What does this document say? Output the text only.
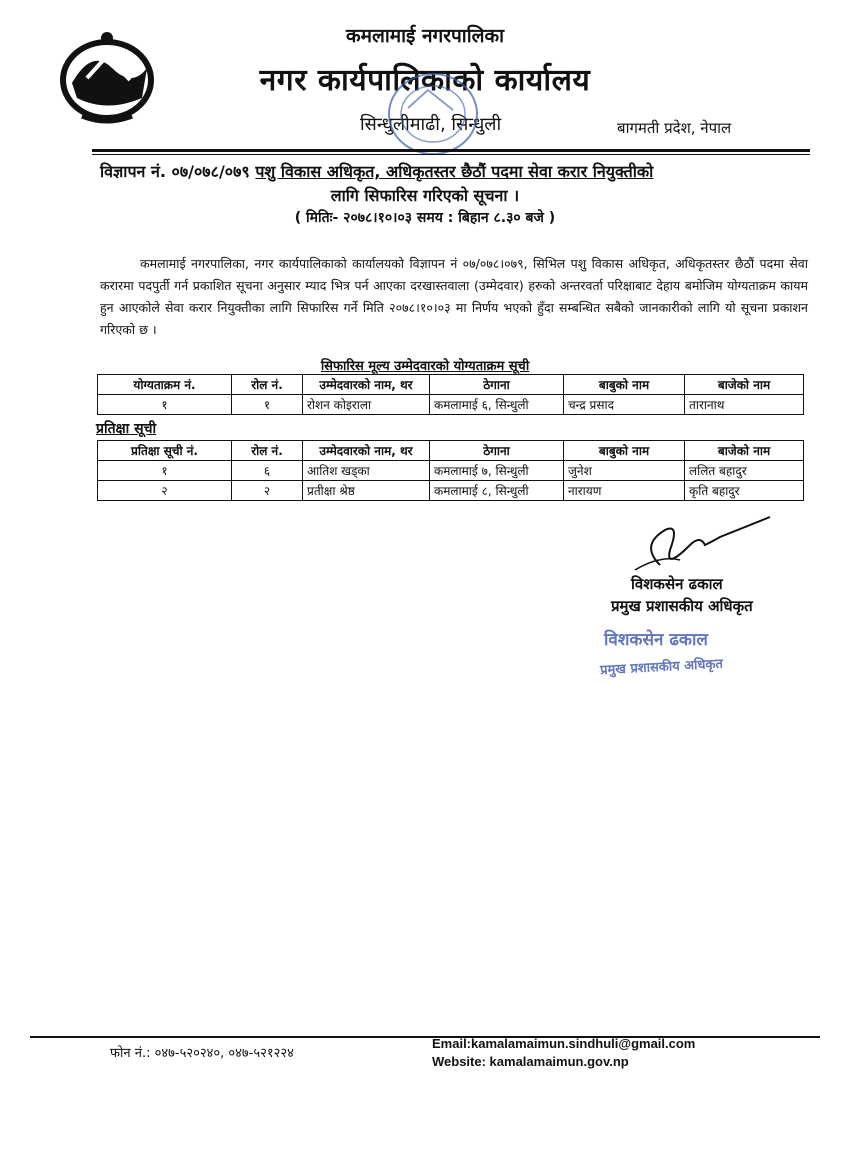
कमलामाई नगरपालिका
नगर कार्यपालिकाको कार्यालय
सिन्धुलीमाढी, सिन्धुली	बागमती प्रदेश, नेपाल
विज्ञापन नं. ०७/०७८/०७९ पशु विकास अधिकृत, अधिकृतस्तर छैठौं पदमा सेवा करार नियुक्तीको
लागि सिफारिस गरिएको सूचना ।
( मितिः- २०७८।१०।०३ समय : बिहान ८.३० बजे )
कमलामाई नगरपालिका, नगर कार्यपालिकाको कार्यालयको विज्ञापन नं ०७/०७८।०७९, सिभिल पशु विकास अधिकृत, अधिकृतस्तर छैठौं पदमा सेवा करारमा पदपुर्ती गर्न प्रकाशित सूचना अनुसार म्याद भित्र पर्न आएका दरखास्तवाला (उम्मेदवार) हरुको अन्तरवर्ता परिक्षाबाट देहाय बमोजिम योग्यताक्रम कायम हुन आएकोले सेवा करार नियुक्तीका लागि सिफारिस गर्ने मिति २०७८।१०।०३ मा निर्णय भएको हुँदा सम्बन्धित सबैको जानकारीको लागि यो सूचना प्रकाशन गरिएको छ ।
सिफारिस मूल्य उम्मेदवारको योग्यताक्रम सूची
योग्यताक्रम नं.	रोल नं.	उम्मेदवारको नाम, थर	ठेगाना	बाबुको नाम	बाजेको नाम
१	१	रोशन कोइराला	कमलामाई ६, सिन्धुली	चन्द्र प्रसाद	तारानाथ
प्रतिक्षा सूची
प्रतिक्षा सूची नं.	रोल नं.	उम्मेदवारको नाम, थर	ठेगाना	बाबुको नाम	बाजेको नाम
१	६	आतिश खड्का	कमलामाई ७, सिन्धुली	जुनेश	ललित बहादुर
२	२	प्रतीक्षा श्रेष्ठ	कमलामाई ८, सिन्धुली	नारायण	कृति बहादुर
विशकसेन ढकाल
प्रमुख प्रशासकीय अधिकृत
विशकसेन ढकाल
प्रमुख प्रशासकीय अधिकृत
फोन नं.: ०४७-५२०२४०, ०४७-५२१२२४
Email:kamalamaimun.sindhuli@gmail.com
Website: kamalamaimun.gov.np
